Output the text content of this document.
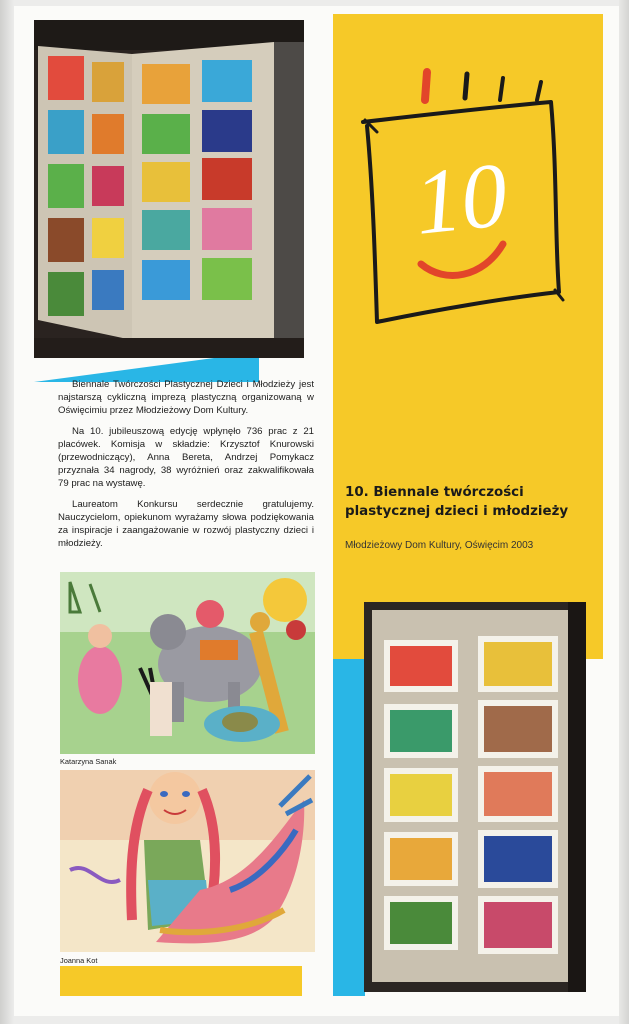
Biennale Twórczości Plastycznej Dzieci i Młodzieży jest najstarszą cykliczną imprezą plastyczną organizowaną w Oświęcimiu przez Młodzieżowy Dom Kultury.

Na 10. jubileuszową edycję wpłynęło 736 prac z 21 placówek. Komisja w składzie: Krzysztof Knurowski (przewodniczący), Anna Bereta, Andrzej Pomykacz przyznała 34 nagrody, 38 wyróżnień oraz zakwalifikowała 79 prac na wystawę.

Laureatom Konkursu serdecznie gratulujemy. Nauczycielom, opiekunom wyrażamy słowa podziękowania za inspiracje i zaangażowanie w rozwój plastyczny dzieci i młodzieży.

10
10. Biennale twórczości plastycznej dzieci i młodzieży
Młodzieżowy Dom Kultury, Oświęcim 2003
Katarzyna Sanak
Joanna Kot
